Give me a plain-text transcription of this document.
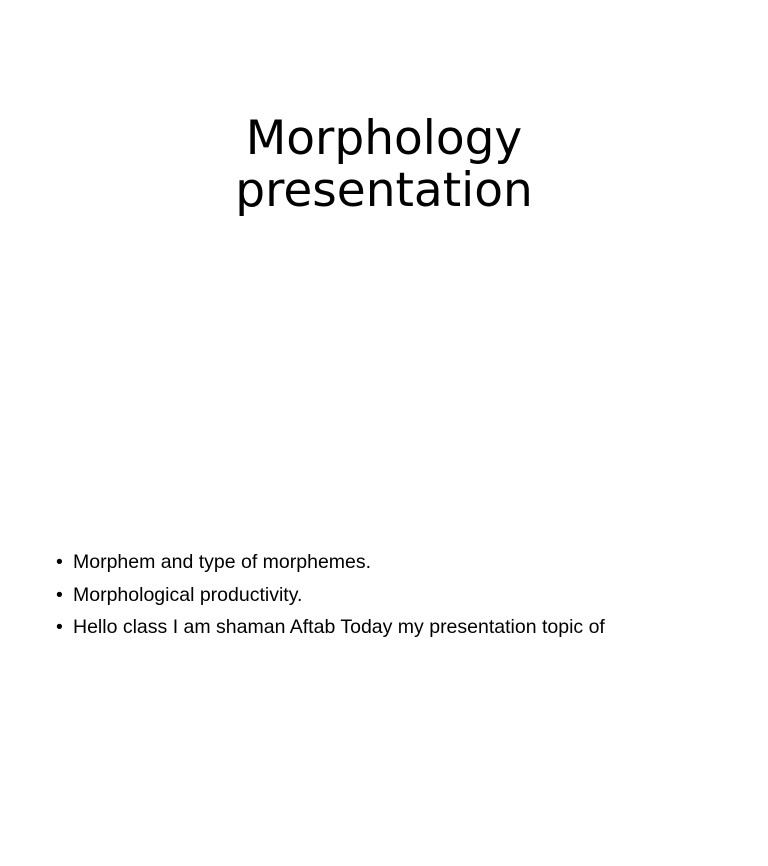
Morphology
presentation
• Morphem and type of morphemes.
• Morphological productivity.
• Hello class I am shaman Aftab Today my presentation topic of
